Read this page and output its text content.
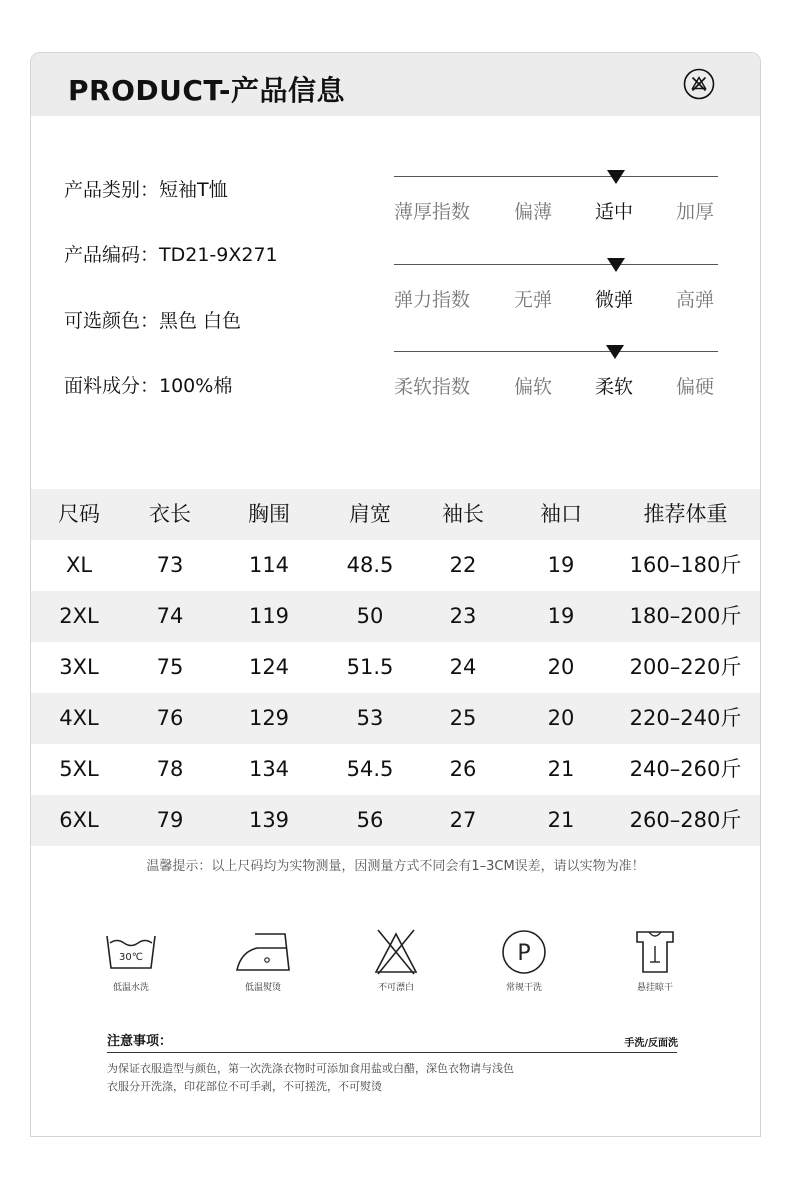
PRODUCT-产品信息
产品类别：短袖T恤
产品编码：TD21-9X271
可选颜色：黑色 白色
面料成分：100%棉
薄厚指数 偏薄 适中 加厚
弹力指数 无弹 微弹 高弹
柔软指数 偏软 柔软 偏硬
尺码	衣长	胸围	肩宽	袖长	袖口	推荐体重
XL	73	114	48.5	22	19	160–180斤
2XL	74	119	50	23	19	180–200斤
3XL	75	124	51.5	24	20	200–220斤
4XL	76	129	53	25	20	220–240斤
5XL	78	134	54.5	26	21	240–260斤
6XL	79	139	56	27	21	260–280斤
温馨提示：以上尺码均为实物测量，因测量方式不同会有1–3CM误差，请以实物为准！
30℃
低温水洗	低温熨烫	不可漂白
P
常规干洗	悬挂晾干
注意事项：	手洗/反面洗
为保证衣服造型与颜色，第一次洗涤衣物时可添加食用盐或白醋，深色衣物请与浅色
衣服分开洗涤，印花部位不可手剥，不可搓洗，不可熨烫
